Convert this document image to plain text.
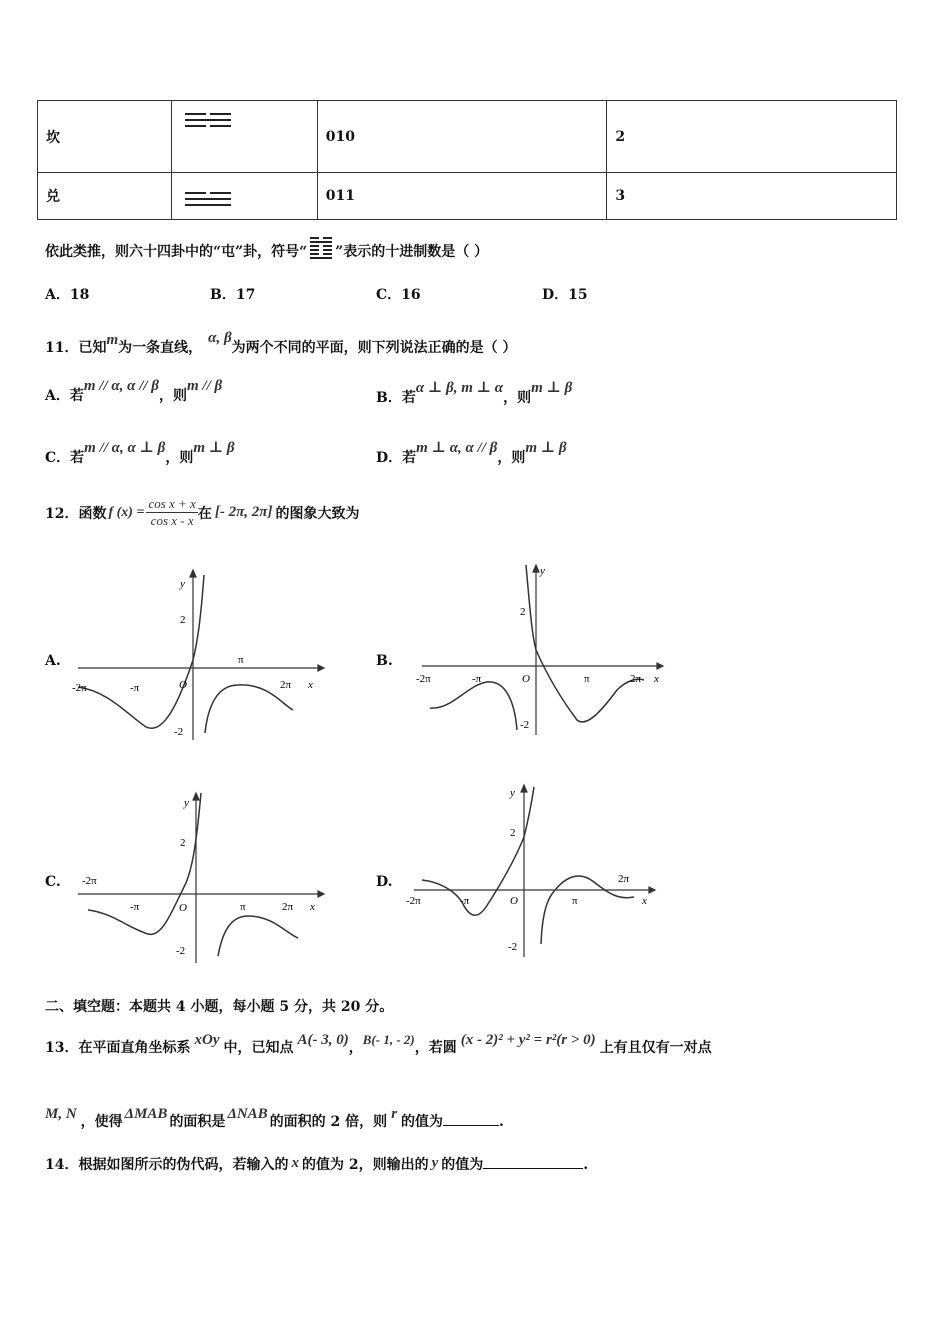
坎		010	2
兑		011	3
依此类推，则六十四卦中的“屯”卦，符号“ ”表示的十进制数是（ ）
A．18	B．17	C．16	D．15
11．已知m为一条直线，α, β为两个不同的平面，则下列说法正确的是（ ）
A．若m // α, α // β，则m // β
B．若α ⊥ β, m ⊥ α，则m ⊥ β
C．若m // α, α ⊥ β，则m ⊥ β
D．若m ⊥ α, α // β，则m ⊥ β
12．函数 f $(x) = \frac{\text{cos x + x}}{\text{cos x - x}}$ 在 [- 2π, 2π] 的图象大致为
A.	B.
C.	D.
y
2
-2
O
-2π	-π
π
2π x
y
2
-2
O
-2π	-π	π	2π x
y
2
-2
O
-2π
-π	π	2π x
y
2
-2
O
-2π	-π	π
2π
x
二、填空题：本题共 4 小题，每小题 5 分，共 20 分。
13．在平面直角坐标系 xOy 中，已知点 A(- 3, 0)，B(- 1, - 2)，若圆 (x - 2)² + y² = r²(r > 0) 上有且仅有一对点
M, N ，使得 ΔMAB 的面积是 ΔNAB 的面积的 2 倍，则 r 的值为	.
14．根据如图所示的伪代码，若输入的 x 的值为 2，则输出的 y 的值为	.
